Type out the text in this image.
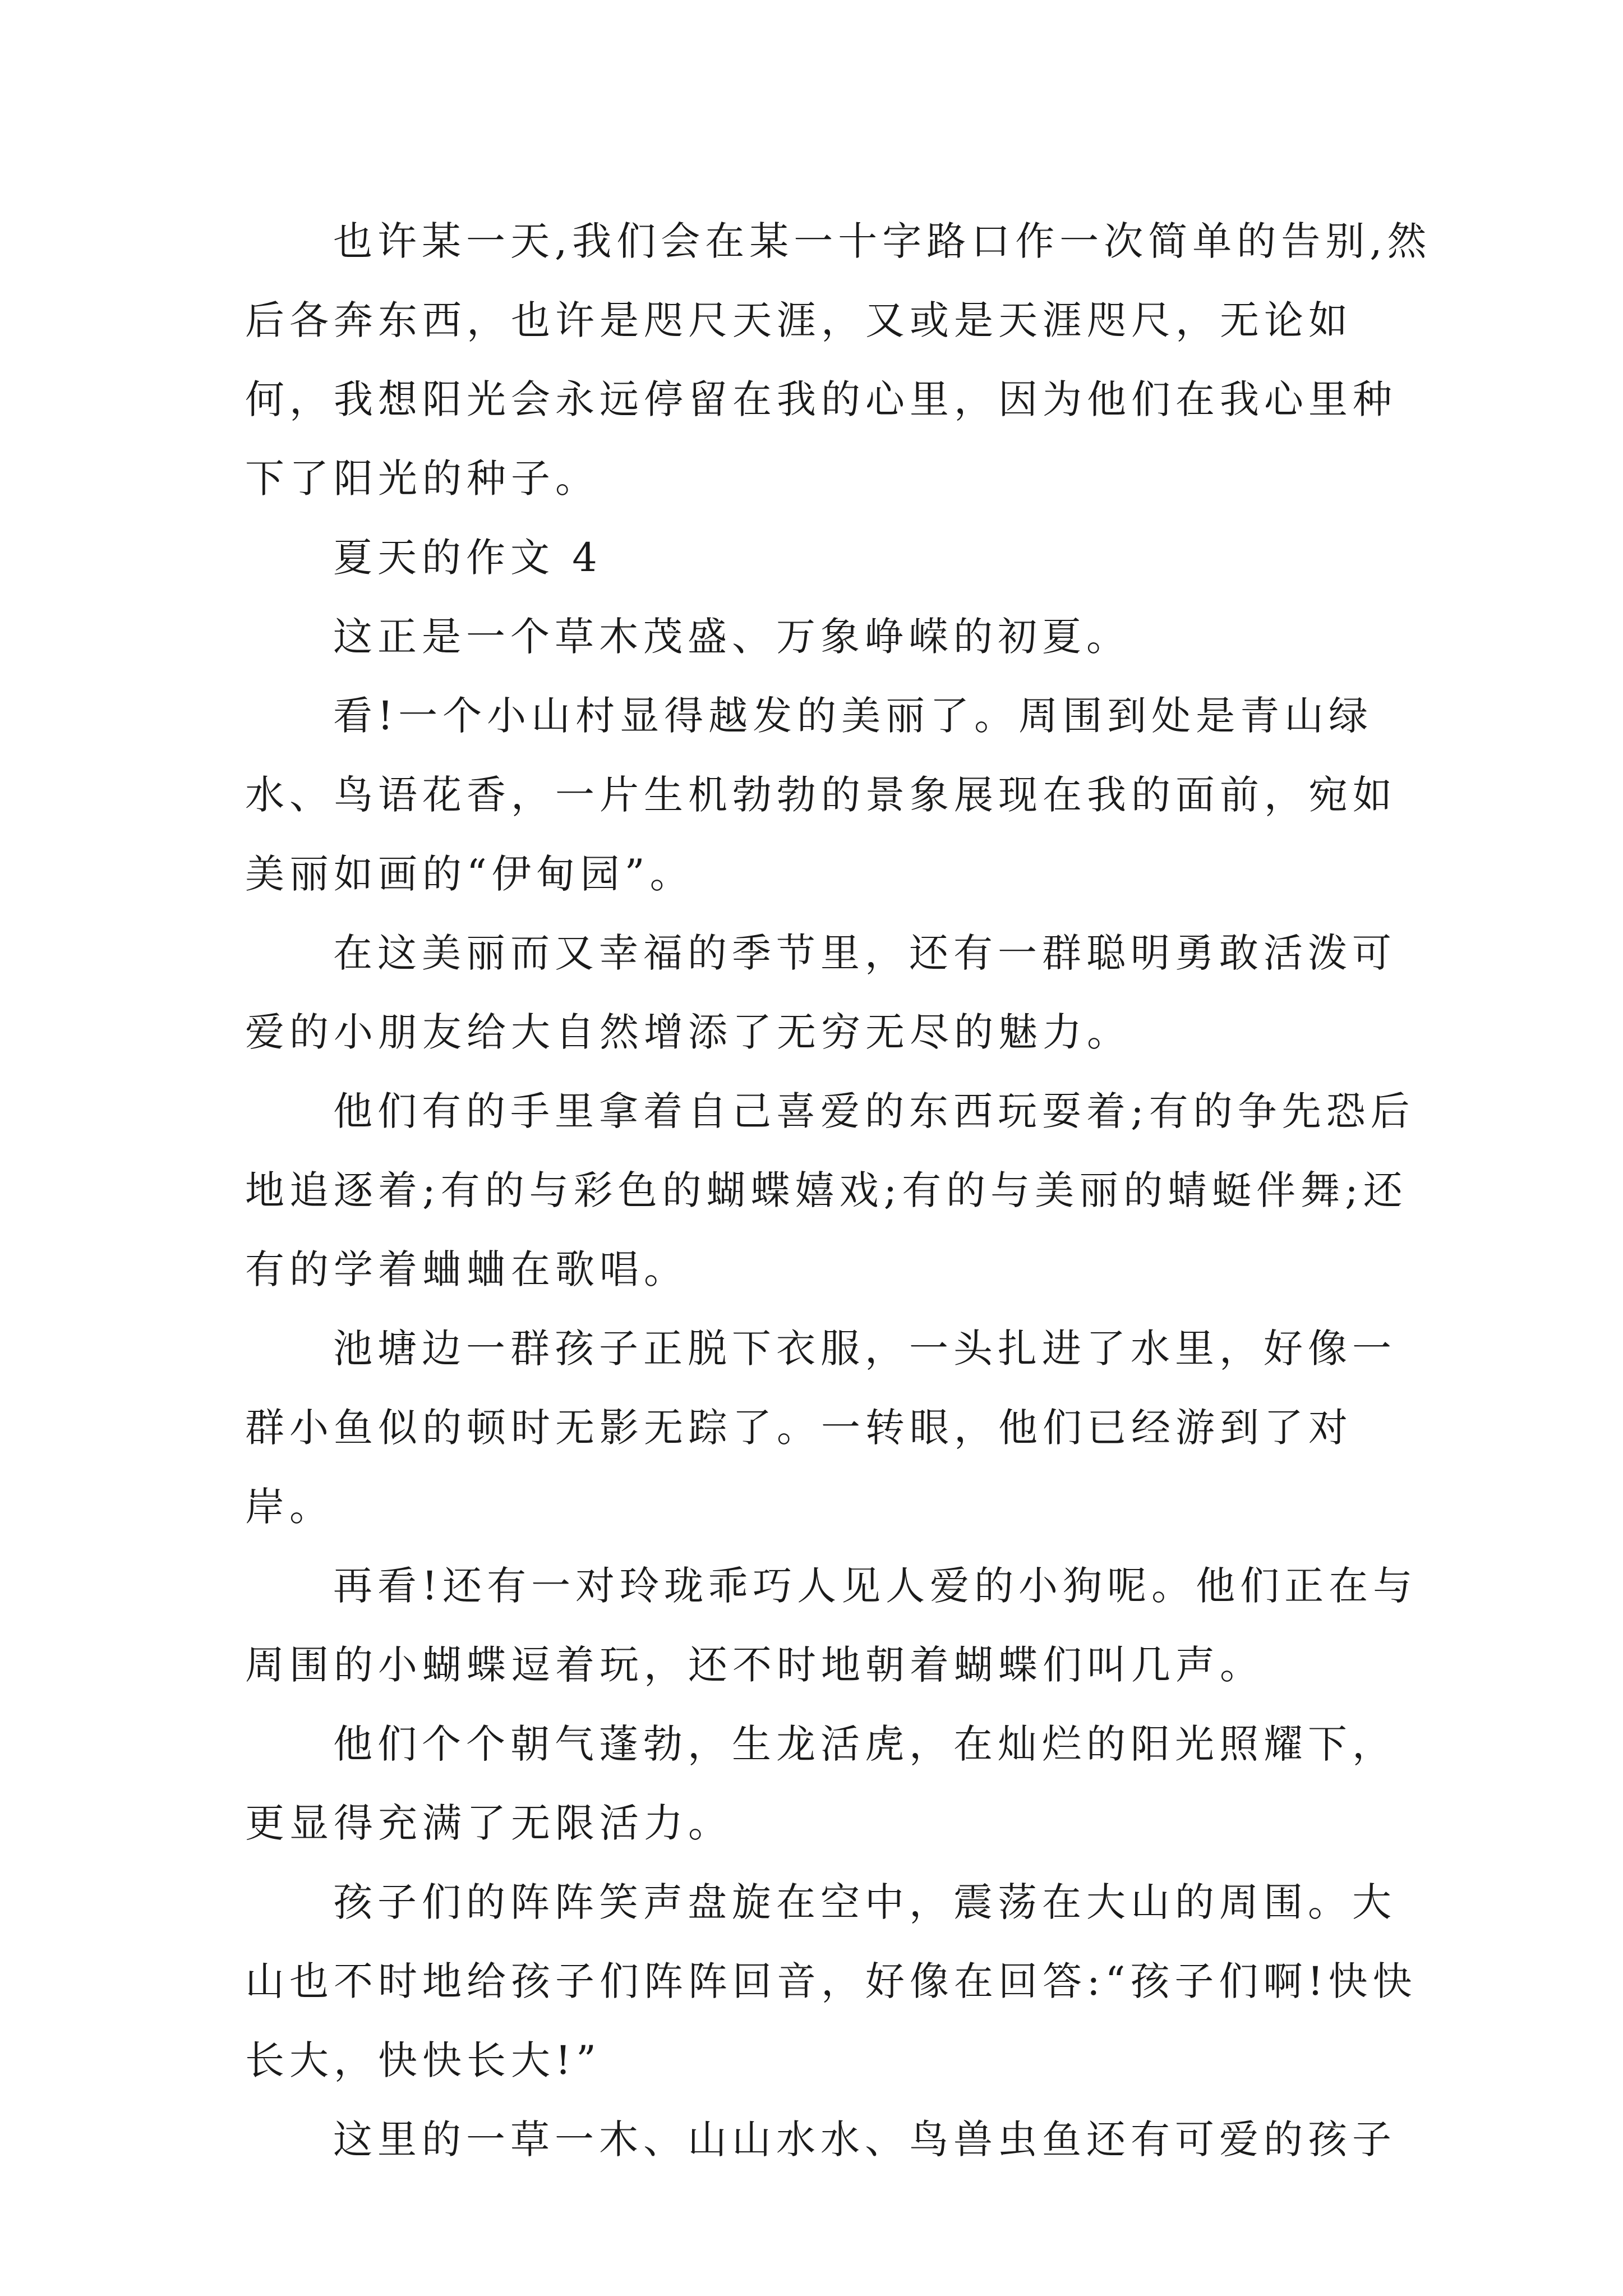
也许某一天,我们会在某一十字路口作一次简单的告别,然后各奔东西，也许是咫尺天涯，又或是天涯咫尺，无论如何，我想阳光会永远停留在我的心里，因为他们在我心里种下了阳光的种子。

夏天的作文 4

这正是一个草木茂盛、万象峥嵘的初夏。

看!一个小山村显得越发的美丽了。周围到处是青山绿水、鸟语花香，一片生机勃勃的景象展现在我的面前，宛如美丽如画的“伊甸园”。

在这美丽而又幸福的季节里，还有一群聪明勇敢活泼可爱的小朋友给大自然增添了无穷无尽的魅力。

他们有的手里拿着自己喜爱的东西玩耍着;有的争先恐后地追逐着;有的与彩色的蝴蝶嬉戏;有的与美丽的蜻蜓伴舞;还有的学着蛐蛐在歌唱。

池塘边一群孩子正脱下衣服，一头扎进了水里，好像一群小鱼似的顿时无影无踪了。一转眼，他们已经游到了对岸。

再看!还有一对玲珑乖巧人见人爱的小狗呢。他们正在与周围的小蝴蝶逗着玩，还不时地朝着蝴蝶们叫几声。

他们个个朝气蓬勃，生龙活虎，在灿烂的阳光照耀下，更显得充满了无限活力。

孩子们的阵阵笑声盘旋在空中，震荡在大山的周围。大山也不时地给孩子们阵阵回音，好像在回答:“孩子们啊!快快长大，快快长大!”

这里的一草一木、山山水水、鸟兽虫鱼还有可爱的孩子
